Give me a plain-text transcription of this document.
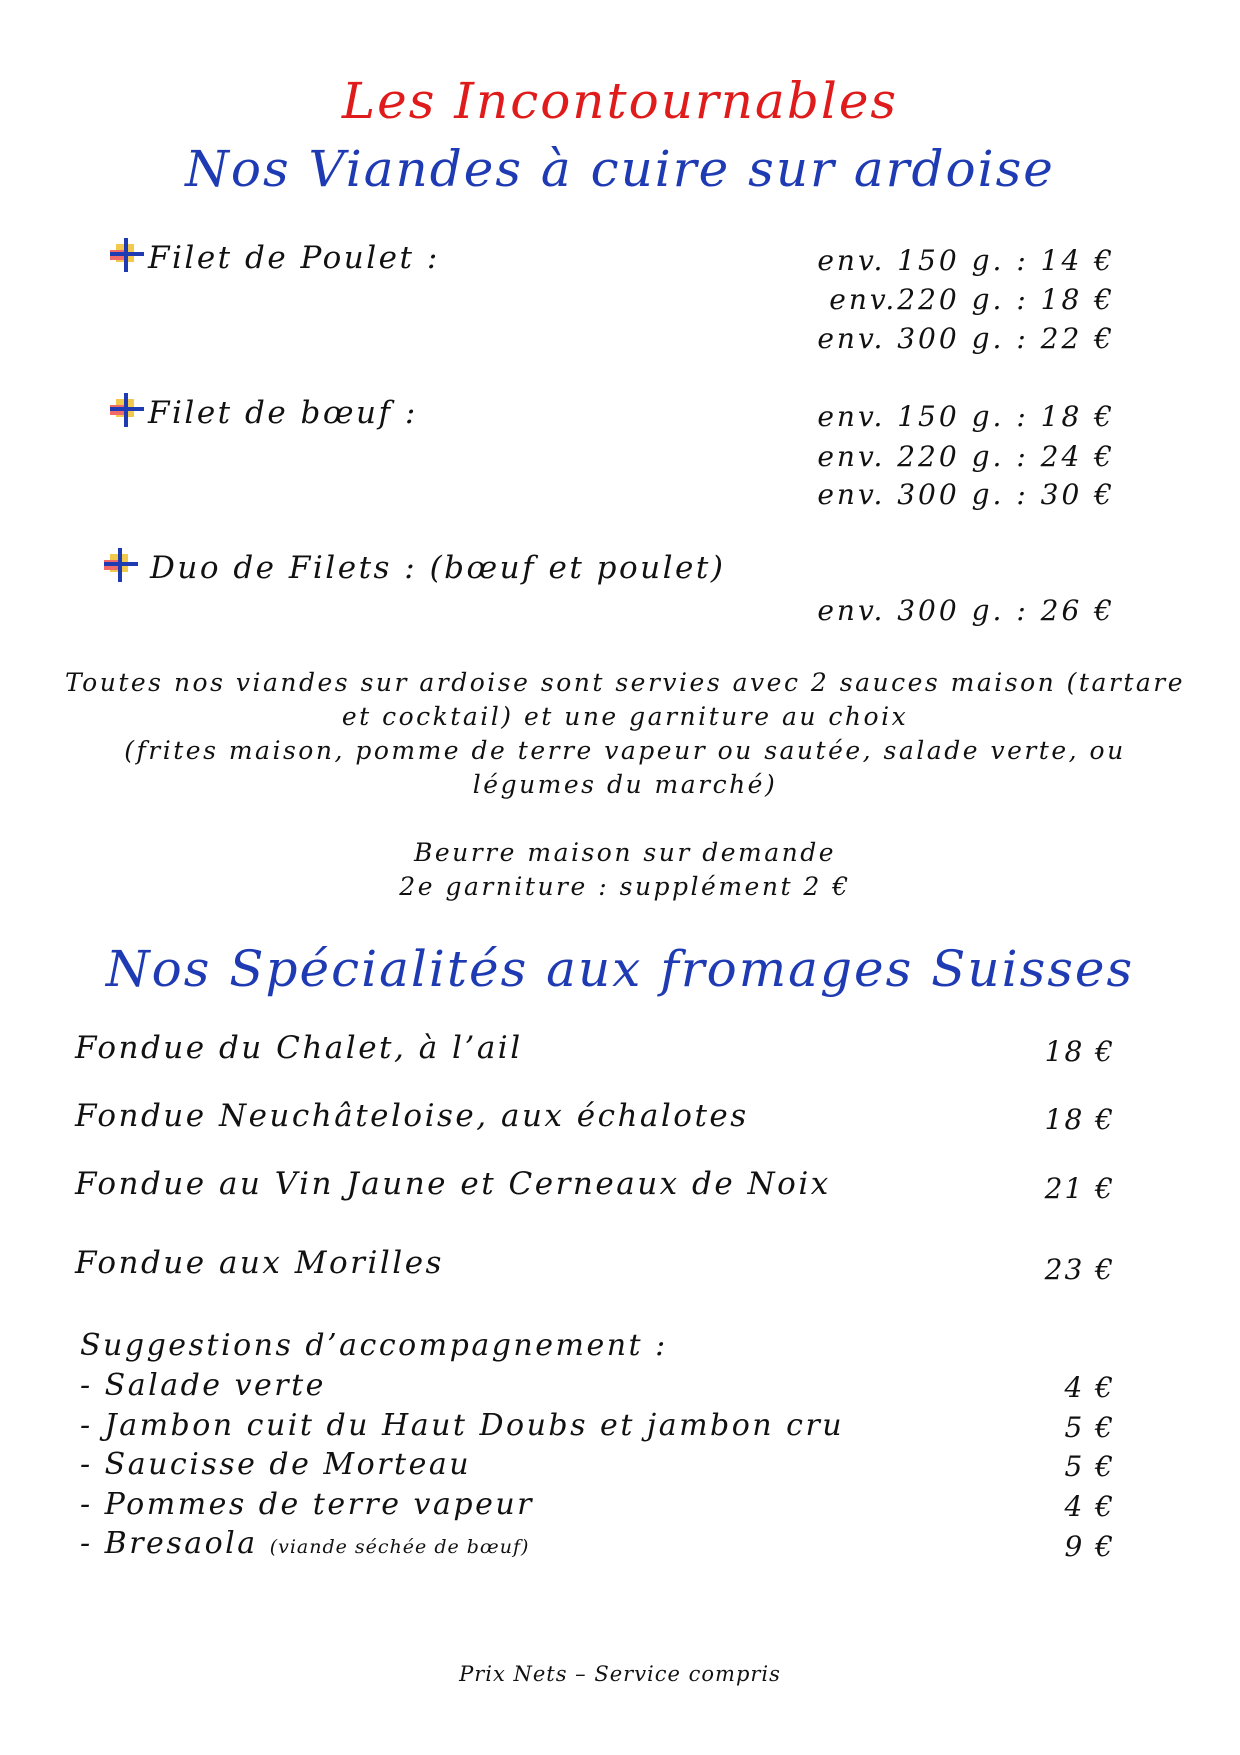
Les Incontournables
Nos Viandes à cuire sur ardoise
Filet de Poulet :	env. 150 g. : 14 €
env.220 g. : 18 €
env. 300 g. : 22 €
Filet de bœuf :	env. 150 g. : 18 €
env. 220 g. : 24 €
env. 300 g. : 30 €
Duo de Filets : (bœuf et poulet)
env. 300 g. : 26 €
Toutes nos viandes sur ardoise sont servies avec 2 sauces maison (tartare et cocktail) et une garniture au choix
(frites maison, pomme de terre vapeur ou sautée, salade verte, ou légumes du marché)
Beurre maison sur demande
2e garniture : supplément 2 €
Nos Spécialités aux fromages Suisses
Fondue du Chalet, à l’ail	18 €
Fondue Neuchâteloise, aux échalotes	18 €
Fondue au Vin Jaune et Cerneaux de Noix	21 €
Fondue aux Morilles	23 €
Suggestions d’accompagnement :
- Salade verte	4 €
- Jambon cuit du Haut Doubs et jambon cru	5 €
- Saucisse de Morteau	5 €
- Pommes de terre vapeur	4 €
- Bresaola (viande séchée de bœuf)	9 €
Prix Nets – Service compris
